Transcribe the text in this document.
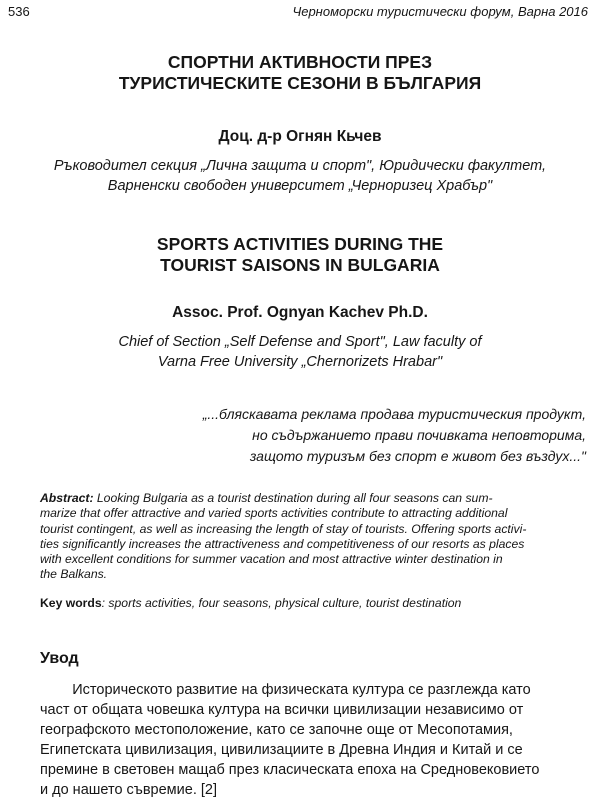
536	Черноморски туристически форум, Варна 2016
СПОРТНИ АКТИВНОСТИ ПРЕЗ
ТУРИСТИЧЕСКИТЕ СЕЗОНИ В БЪЛГАРИЯ

Доц. д-р Огнян Кьчев

Ръководител секция „Лична защита и спорт", Юридически факултет,
Варненски свободен университет „Черноризец Храбър"

SPORTS ACTIVITIES DURING THE
TOURIST SAISONS IN BULGARIA

Assoc. Prof. Ognyan Kachev Ph.D.

Chief of Section „Self Defense and Sport", Law faculty of
Varna Free University „Chernorizets Hrabar"

„...бляскавата реклама продава туристическия продукт,
но съдържанието прави почивката неповторима,
защото туризъм без спорт е живот без въздух..."

Abstract: Looking Bulgaria as a tourist destination during all four seasons can sum-
marize that offer attractive and varied sports activities contribute to attracting additional
tourist contingent, as well as increasing the length of stay of tourists. Offering sports activi-
ties significantly increases the attractiveness and competitiveness of our resorts as places
with excellent conditions for summer vacation and most attractive winter destination in
the Balkans.

Key words: sports activities, four seasons, physical culture, tourist destination

Увод

Историческото развитие на физическата култура се разглежда като
част от общата човешка култура на всички цивилизации независимо от
географското местоположение, като се започне още от Месопотамия,
Египетската цивилизация, цивилизациите в Древна Индия и Китай и се
премине в световен мащаб през класическата епоха на Средновековието
и до нашето съвремие. [2]
